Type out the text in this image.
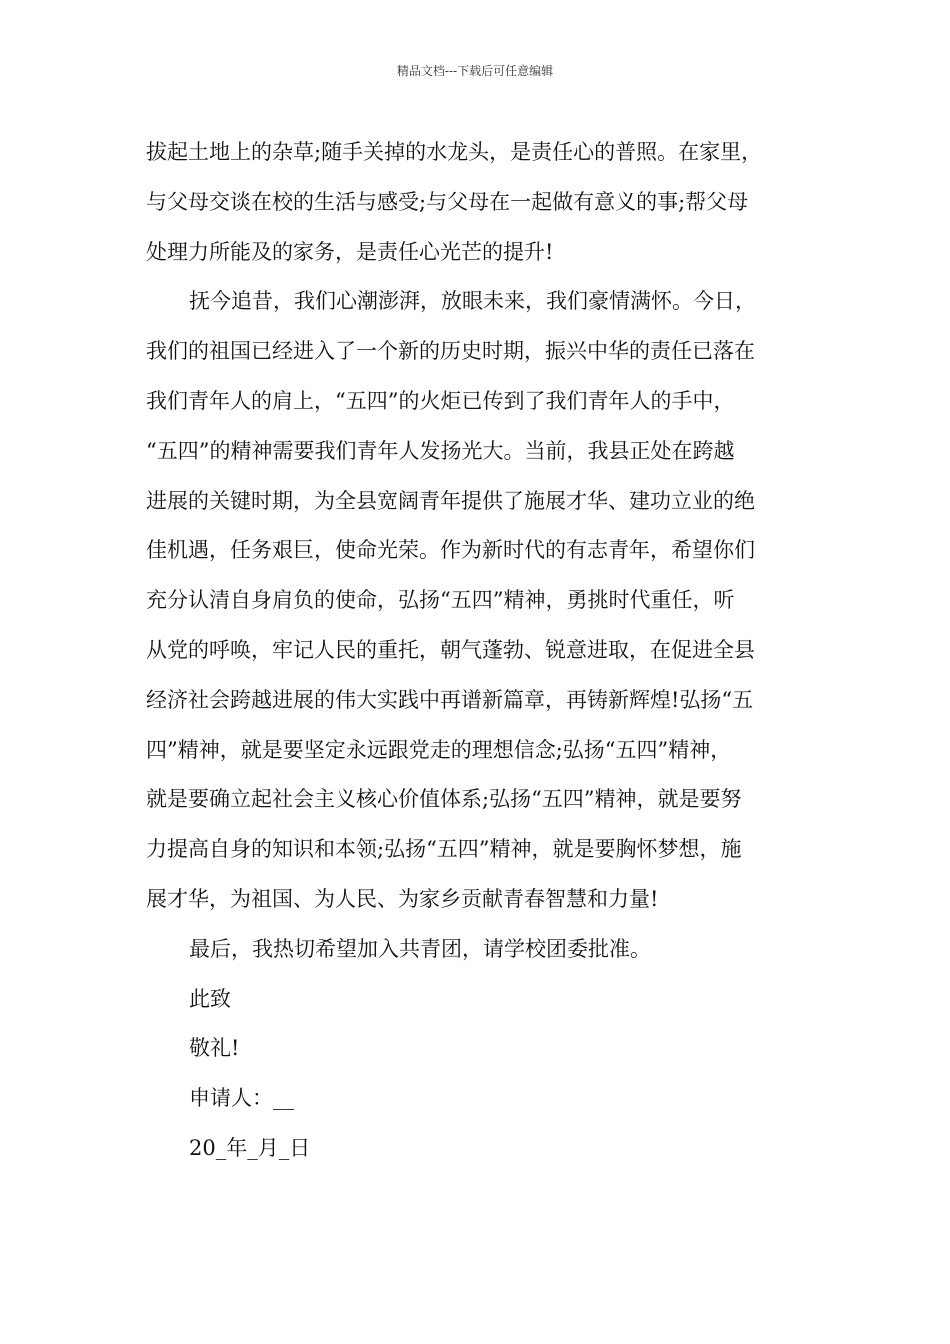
精品文档---下载后可任意编辑

拔起土地上的杂草;随手关掉的水龙头，是责任心的普照。在家里，
与父母交谈在校的生活与感受;与父母在一起做有意义的事;帮父母
处理力所能及的家务，是责任心光芒的提升!

抚今追昔，我们心潮澎湃，放眼未来，我们豪情满怀。今日，
我们的祖国已经进入了一个新的历史时期，振兴中华的责任已落在
我们青年人的肩上，“五四”的火炬已传到了我们青年人的手中，
“五四”的精神需要我们青年人发扬光大。当前，我县正处在跨越
进展的关键时期，为全县宽阔青年提供了施展才华、建功立业的绝
佳机遇，任务艰巨，使命光荣。作为新时代的有志青年，希望你们
充分认清自身肩负的使命，弘扬“五四”精神，勇挑时代重任，听
从党的呼唤，牢记人民的重托，朝气蓬勃、锐意进取，在促进全县
经济社会跨越进展的伟大实践中再谱新篇章，再铸新辉煌!弘扬“五
四”精神，就是要坚定永远跟党走的理想信念;弘扬“五四”精神，
就是要确立起社会主义核心价值体系;弘扬“五四”精神，就是要努
力提高自身的知识和本领;弘扬“五四”精神，就是要胸怀梦想，施
展才华，为祖国、为人民、为家乡贡献青春智慧和力量!

最后，我热切希望加入共青团，请学校团委批准。

此致

敬礼!

申请人：__

20_年_月_日
